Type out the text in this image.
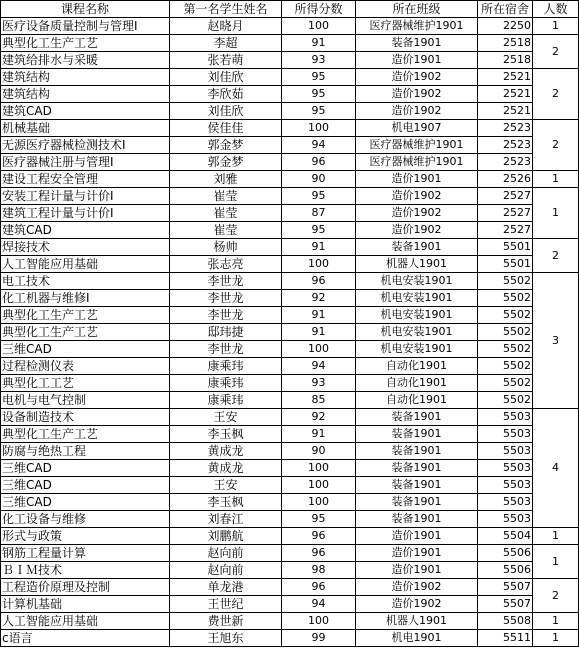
课程名称	第一名学生姓名	所得分数	所在班级	所在宿舍	人数
医疗设备质量控制与管理Ⅰ	赵晓月	100	医疗器械维护1901	2250	1
典型化工生产工艺	李超	91	装备1901	2518	2
建筑给排水与采暖	张若萌	93	造价1901	2518	
建筑结构	刘佳欣	95	造价1902	2521	2
建筑结构	李欣茹	95	造价1902	2521	
建筑CAD	刘佳欣	95	造价1902	2521	
机械基础	侯佳佳	100	机电1907	2523	2
无源医疗器械检测技术Ⅰ	郭金梦	94	医疗器械维护1901	2523	
医疗器械注册与管理Ⅰ	郭金梦	96	医疗器械维护1901	2523	
建设工程安全管理	刘雅	90	造价1901	2526	1
安装工程计量与计价Ⅰ	崔莹	95	造价1902	2527	1
建筑工程计量与计价Ⅰ	崔莹	87	造价1902	2527	
建筑CAD	崔莹	95	造价1902	2527	
焊接技术	杨帅	91	装备1901	5501	2
人工智能应用基础	张志亮	100	机器人1901	5501	
电工技术	李世龙	96	机电安装1901	5502	3
化工机器与维修Ⅰ	李世龙	92	机电安装1901	5502	
典型化工生产工艺	李世龙	91	机电安装1901	5502	
典型化工生产工艺	邸玮捷	91	机电安装1901	5502	
三维CAD	李世龙	100	机电安装1901	5502	
过程检测仪表	康乘玮	94	自动化1901	5502	
典型化工工艺	康乘玮	93	自动化1901	5502	
电机与电气控制	康乘玮	85	自动化1901	5502	
设备制造技术	王安	92	装备1901	5503	4
典型化工生产工艺	李玉枫	91	装备1901	5503	
防腐与绝热工程	黄成龙	90	装备1901	5503	
三维CAD	黄成龙	100	装备1901	5503	
三维CAD	王安	100	装备1901	5503	
三维CAD	李玉枫	100	装备1901	5503	
化工设备与维修	刘春江	95	装备1901	5503	
形式与政策	刘鹏航	96	造价1901	5504	1
钢筋工程量计算	赵向前	96	造价1901	5506	1
ＢＩＭ技术	赵向前	98	造价1901	5506	
工程造价原理及控制	单龙港	96	造价1902	5507	2
计算机基础	王世纪	94	造价1902	5507	
人工智能应用基础	费世新	100	机器人1901	5508	1
c语言	王旭东	99	机电1901	5511	1
